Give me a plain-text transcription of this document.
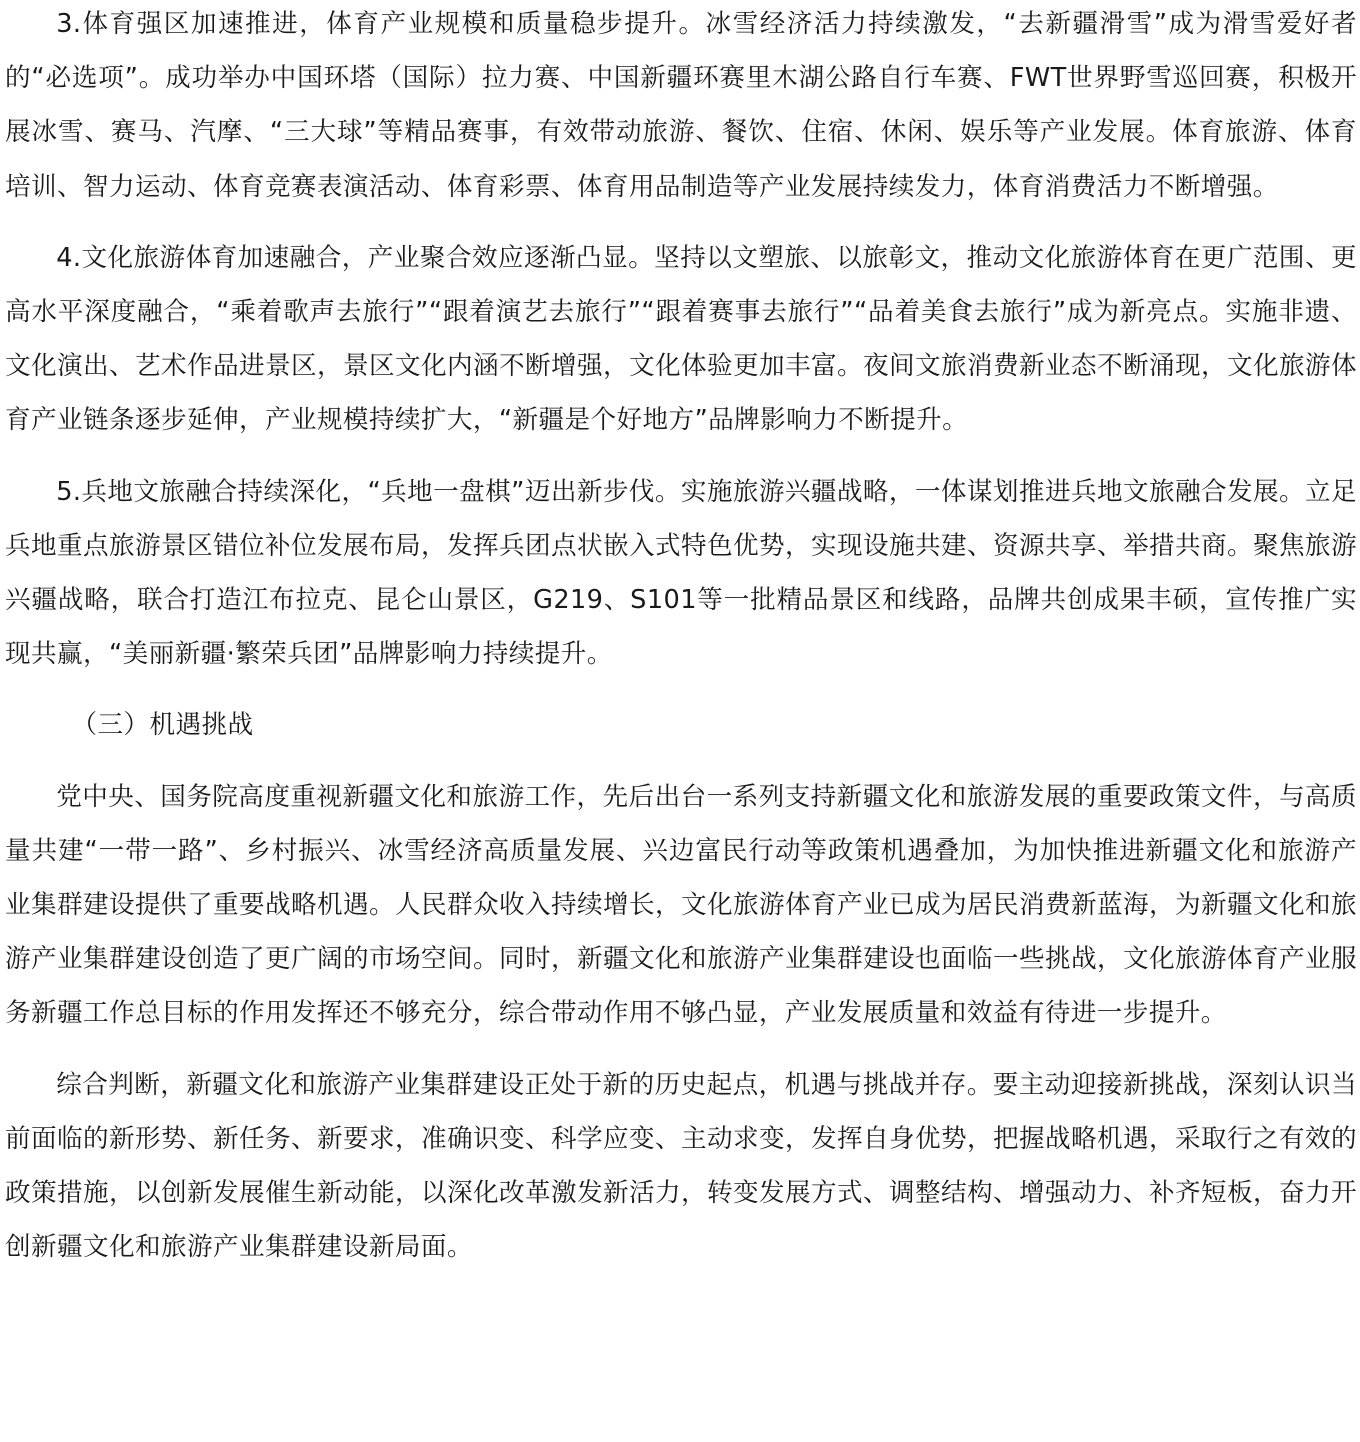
3.体育强区加速推进，体育产业规模和质量稳步提升。冰雪经济活力持续激发，“去新疆滑雪”成为滑雪爱好者的“必选项”。成功举办中国环塔（国际）拉力赛、中国新疆环赛里木湖公路自行车赛、FWT世界野雪巡回赛，积极开展冰雪、赛马、汽摩、“三大球”等精品赛事，有效带动旅游、餐饮、住宿、休闲、娱乐等产业发展。体育旅游、体育培训、智力运动、体育竞赛表演活动、体育彩票、体育用品制造等产业发展持续发力，体育消费活力不断增强。

4.文化旅游体育加速融合，产业聚合效应逐渐凸显。坚持以文塑旅、以旅彰文，推动文化旅游体育在更广范围、更高水平深度融合，“乘着歌声去旅行”“跟着演艺去旅行”“跟着赛事去旅行”“品着美食去旅行”成为新亮点。实施非遗、文化演出、艺术作品进景区，景区文化内涵不断增强，文化体验更加丰富。夜间文旅消费新业态不断涌现，文化旅游体育产业链条逐步延伸，产业规模持续扩大，“新疆是个好地方”品牌影响力不断提升。

5.兵地文旅融合持续深化，“兵地一盘棋”迈出新步伐。实施旅游兴疆战略，一体谋划推进兵地文旅融合发展。立足兵地重点旅游景区错位补位发展布局，发挥兵团点状嵌入式特色优势，实现设施共建、资源共享、举措共商。聚焦旅游兴疆战略，联合打造江布拉克、昆仑山景区，G219、S101等一批精品景区和线路，品牌共创成果丰硕，宣传推广实现共赢，“美丽新疆·繁荣兵团”品牌影响力持续提升。

（三）机遇挑战

党中央、国务院高度重视新疆文化和旅游工作，先后出台一系列支持新疆文化和旅游发展的重要政策文件，与高质量共建“一带一路”、乡村振兴、冰雪经济高质量发展、兴边富民行动等政策机遇叠加，为加快推进新疆文化和旅游产业集群建设提供了重要战略机遇。人民群众收入持续增长，文化旅游体育产业已成为居民消费新蓝海，为新疆文化和旅游产业集群建设创造了更广阔的市场空间。同时，新疆文化和旅游产业集群建设也面临一些挑战，文化旅游体育产业服务新疆工作总目标的作用发挥还不够充分，综合带动作用不够凸显，产业发展质量和效益有待进一步提升。

综合判断，新疆文化和旅游产业集群建设正处于新的历史起点，机遇与挑战并存。要主动迎接新挑战，深刻认识当前面临的新形势、新任务、新要求，准确识变、科学应变、主动求变，发挥自身优势，把握战略机遇，采取行之有效的政策措施，以创新发展催生新动能，以深化改革激发新活力，转变发展方式、调整结构、增强动力、补齐短板，奋力开创新疆文化和旅游产业集群建设新局面。
